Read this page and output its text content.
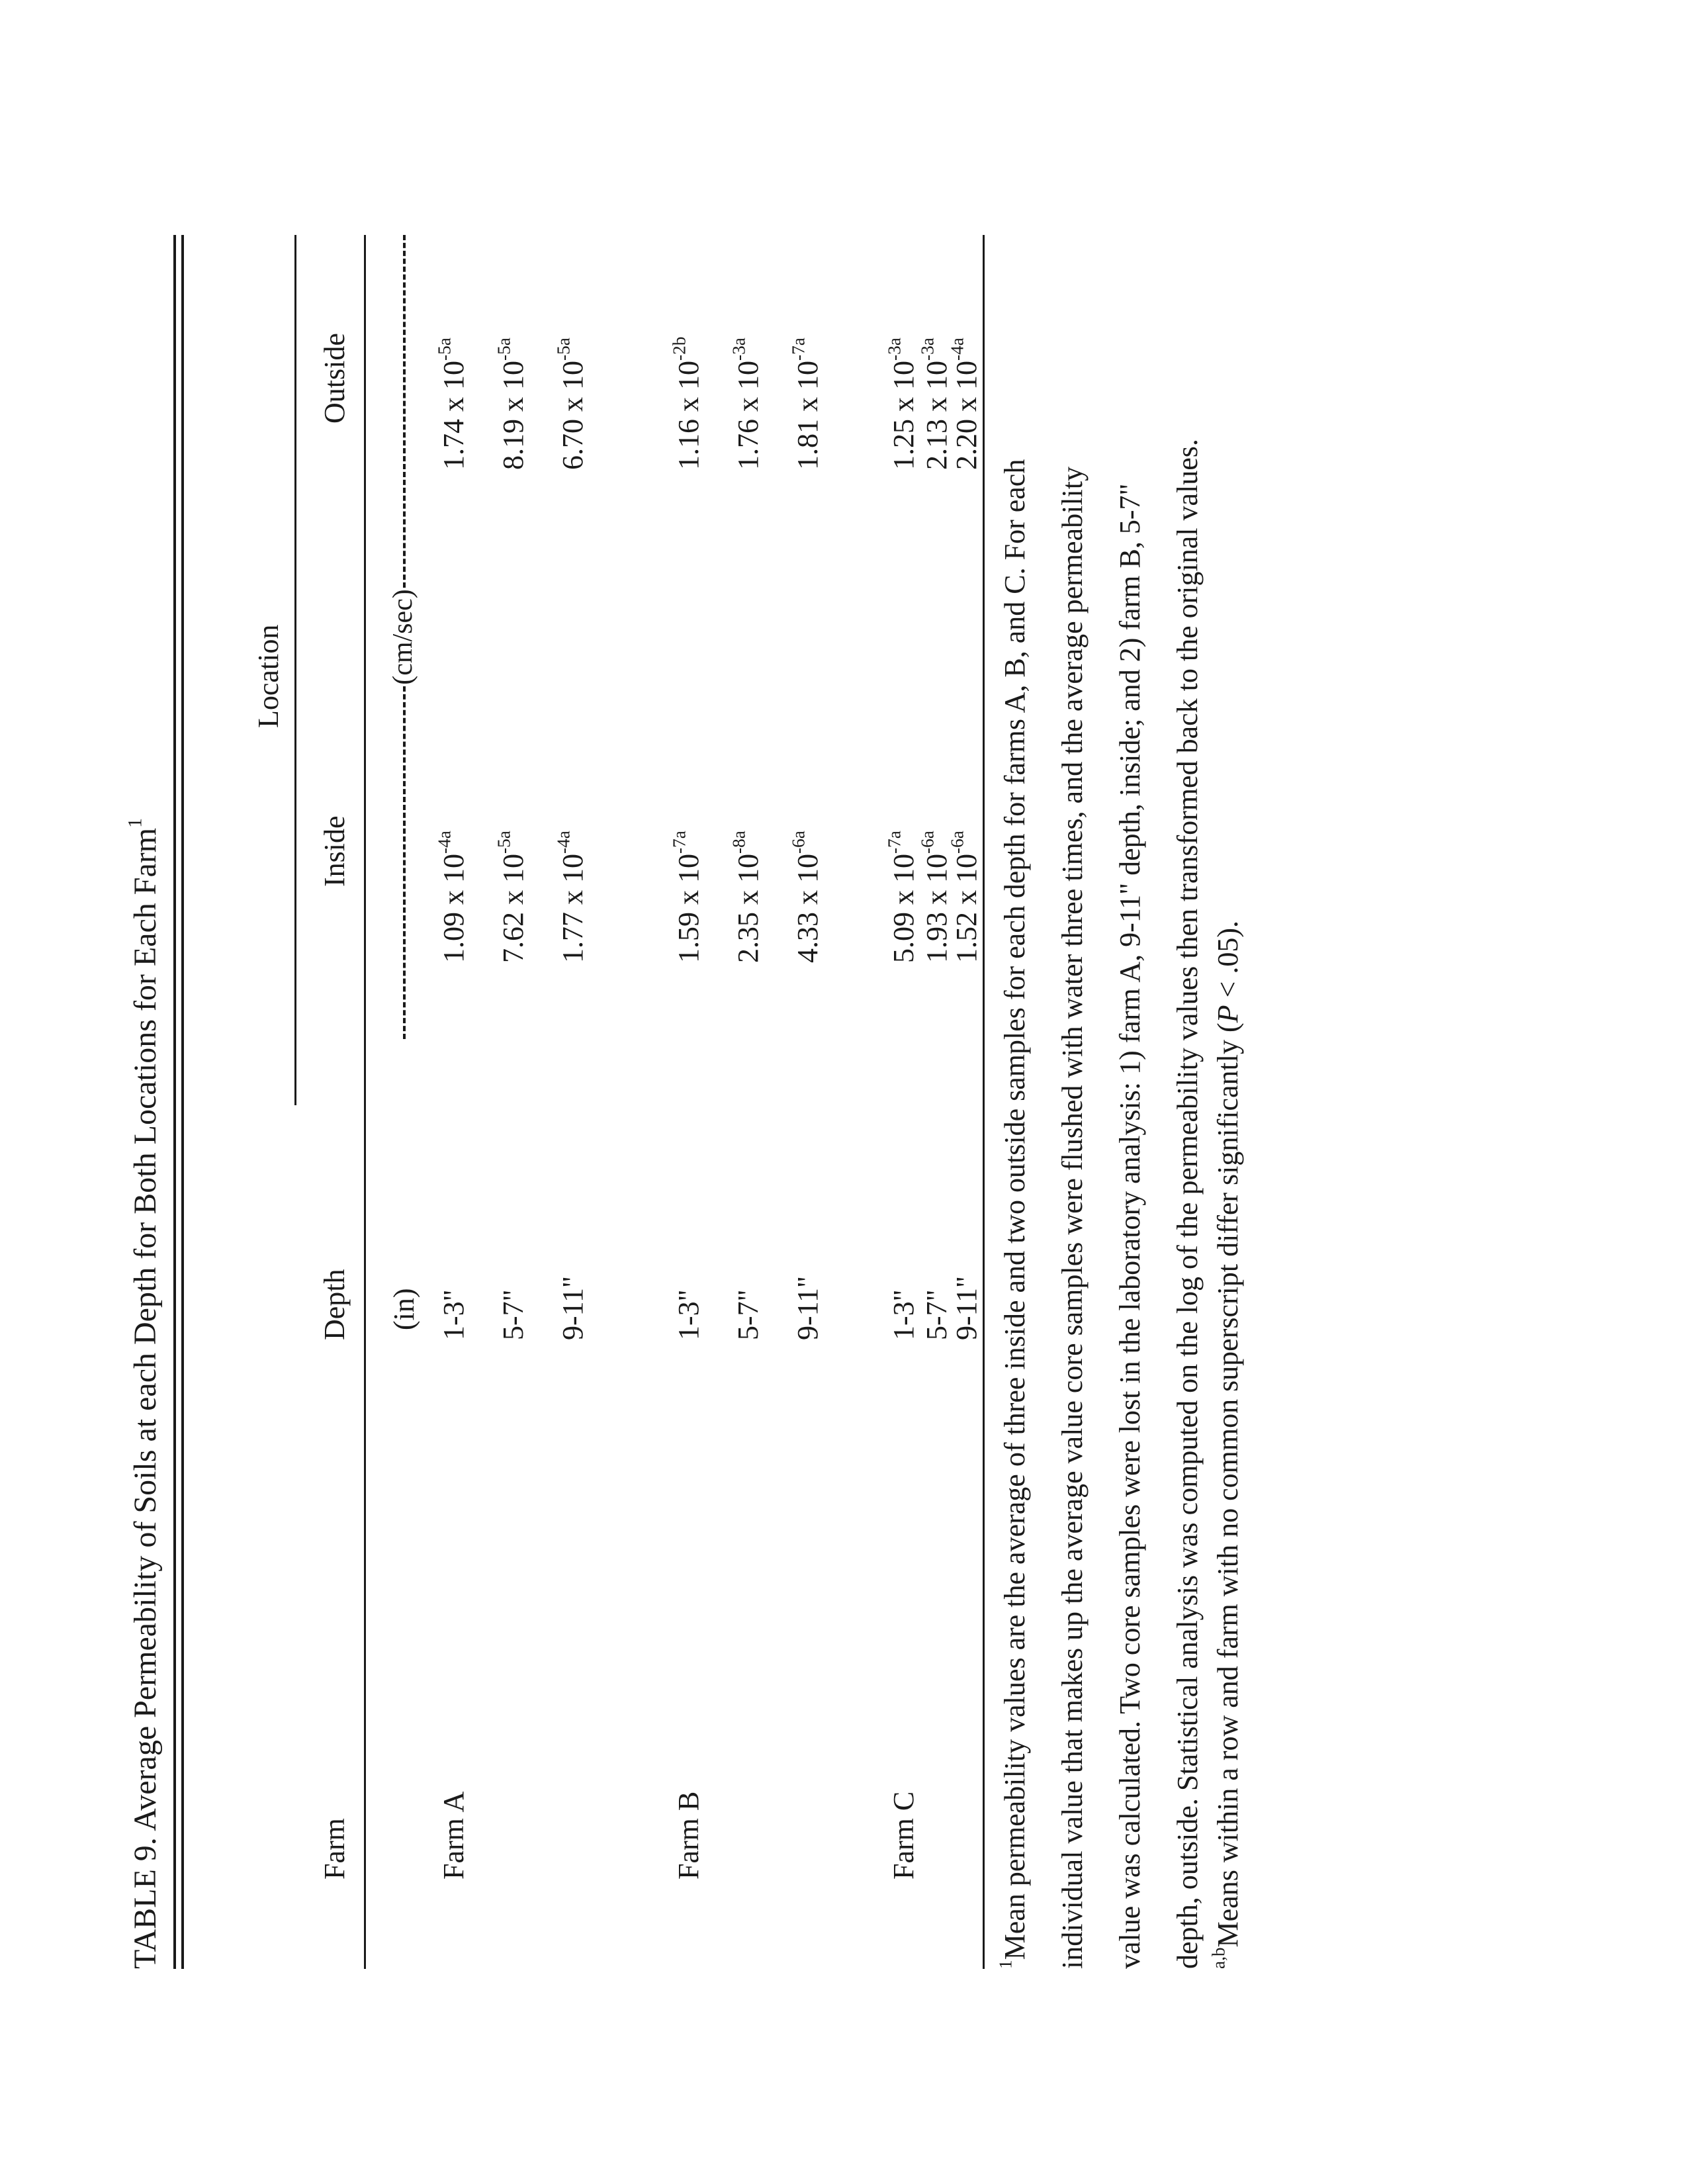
TABLE 9. Average Permeability of Soils at each Depth for Both Locations for Each Farm$^1$
Location
Farm
Depth
Inside
Outside
(in)
(cm/sec)
Farm A
1-3"
1.09 x $10^{-4a}$
1.74 x $10^{-5a}$
5-7"
7.62 x $10^{-5a}$
8.19 x $10^{-5a}$
9-11"
1.77 x $10^{-4a}$
6.70 x $10^{-5a}$
Farm B
1-3"
1.59 x $10^{-7a}$
1.16 x $10^{-2b}$
5-7"
2.35 x $10^{-8a}$
1.76 x $10^{-3a}$
9-11"
4.33 x $10^{-6a}$
1.81 x $10^{-7a}$
Farm C
1-3"
5.09 x $10^{-7a}$
1.25 x $10^{-3a}$
5-7"
1.93 x $10^{-6a}$
2.13 x $10^{-3a}$
9-11"
1.52 x $10^{-6a}$
2.20 x $10^{-4a}$
$^1$Mean permeability values are the average of three inside and two outside samples for each depth for farms A, B, and C. For each individual value that makes up the average value core samples were flushed with water three times, and the average permeability value was calculated. Two core samples were lost in the laboratory analysis: 1) farm A, 9-11" depth, inside; and 2) farm B, 5-7" depth, outside. Statistical analysis was computed on the log of the permeability values then transformed back to the original values. $^{a,b}$Means within a row and farm with no common superscript differ significantly (P < .05).
